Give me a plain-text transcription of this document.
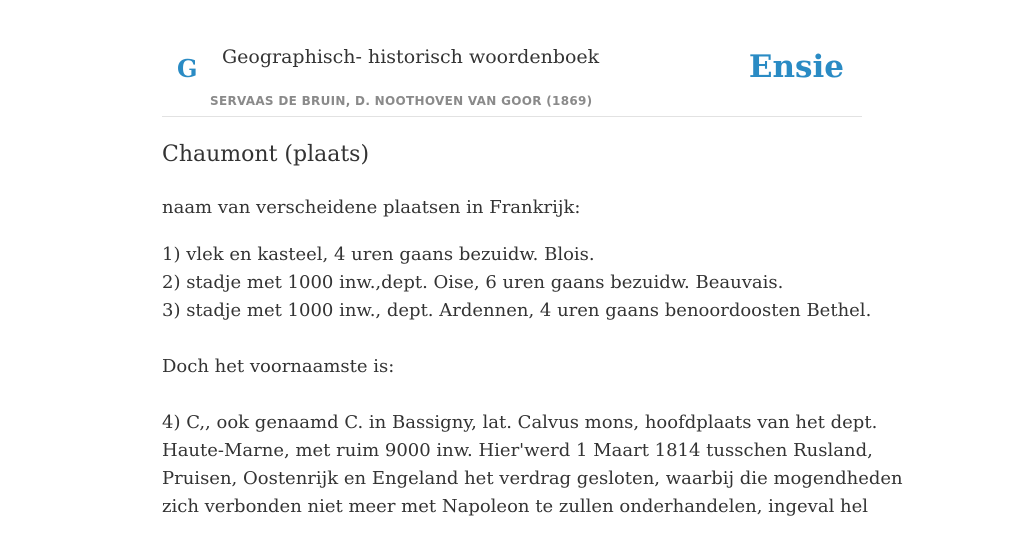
G Geographisch- historisch woordenboek
SERVAAS DE BRUIN, D. NOOTHOVEN VAN GOOR (1869)
Ensie
Chaumont (plaats)

naam van verscheidene plaatsen in Frankrijk:

1) vlek en kasteel, 4 uren gaans bezuidw. Blois.
2) stadje met 1000 inw.,dept. Oise, 6 uren gaans bezuidw. Beauvais.
3) stadje met 1000 inw., dept. Ardennen, 4 uren gaans benoordoosten Bethel.
Doch het voornaamste is:
4) C,, ook genaamd C. in Bassigny, lat. Calvus mons, hoofdplaats van het dept.
Haute-Marne, met ruim 9000 inw. Hier'werd 1 Maart 1814 tusschen Rusland,
Pruisen, Oostenrijk en Engeland het verdrag gesloten, waarbij die mogendheden
zich verbonden niet meer met Napoleon te zullen onderhandelen, ingeval hel
